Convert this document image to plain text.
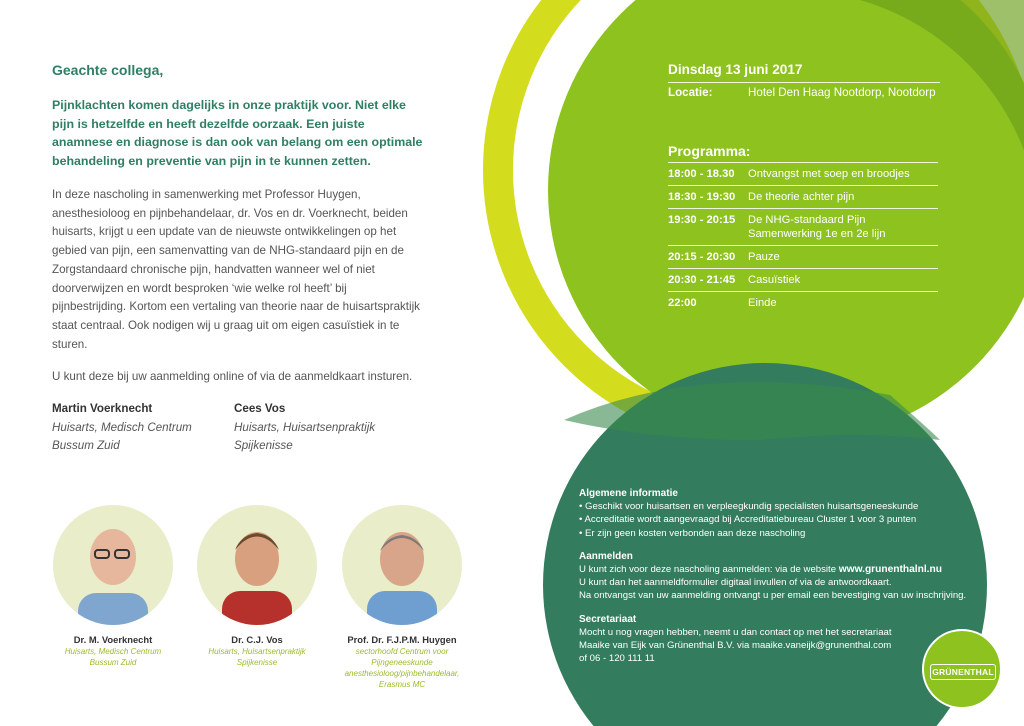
Geachte collega,

Pijnklachten komen dagelijks in onze praktijk voor. Niet elke pijn is hetzelfde en heeft dezelfde oorzaak. Een juiste anamnese en diagnose is dan ook van belang om een optimale behandeling en preventie van pijn in te kunnen zetten.

In deze nascholing in samenwerking met Professor Huygen, anesthesioloog en pijnbehandelaar, dr. Vos en dr. Voerknecht, beiden huisarts, krijgt u een update van de nieuwste ontwikkelingen op het gebied van pijn, een samenvatting van de NHG-standaard pijn en de Zorgstandaard chronische pijn, handvatten wanneer wel of niet doorverwijzen en wordt besproken ‘wie welke rol heeft’ bij pijnbestrijding. Kortom een vertaling van theorie naar de huisartspraktijk staat centraal. Ook nodigen wij u graag uit om eigen casuïstiek in te sturen.

U kunt deze bij uw aanmelding online of via de aanmeldkaart insturen.

Martin Voerknecht
Huisarts, Medisch Centrum
Bussum Zuid
Cees Vos
Huisarts, Huisartsenpraktijk
Spijkenisse
Dr. M. Voerknecht
Huisarts, Medisch Centrum
Bussum Zuid
Dr. C.J. Vos
Huisarts, Huisartsenpraktijk
Spijkenisse
Prof. Dr. F.J.P.M. Huygen
sectorhoofd Centrum voor
Pijngeneeskunde
anesthesioloog/pijnbehandelaar,
Erasmus MC

Dinsdag 13 juni 2017

Locatie:	Hotel Den Haag Nootdorp, Nootdorp
Programma:
18:00 - 18.30	Ontvangst met soep en broodjes
18:30 - 19:30	De theorie achter pijn
19:30 - 20:15	De NHG-standaard Pijn
Samenwerking 1e en 2e lijn
20:15 - 20:30	Pauze
20:30 - 21:45	Casuïstiek
22:00	Einde

Algemene informatie

• Geschikt voor huisartsen en verpleegkundig specialisten huisartsgeneeskunde
• Accreditatie wordt aangevraagd bij Accreditatiebureau Cluster 1 voor 3 punten
• Er zijn geen kosten verbonden aan deze nascholing

Aanmelden

U kunt zich voor deze nascholing aanmelden: via de website www.grunenthalnl.nu

U kunt dan het aanmeldformulier digitaal invullen of via de antwoordkaart.

Na ontvangst van uw aanmelding ontvangt u per email een bevestiging van uw inschrijving.

Secretariaat

Mocht u nog vragen hebben, neemt u dan contact op met het secretariaat

Maaike van Eijk van Grünenthal B.V. via maaike.vaneijk@grunenthal.com

of 06 - 120 111 11

GRÜNENTHAL
